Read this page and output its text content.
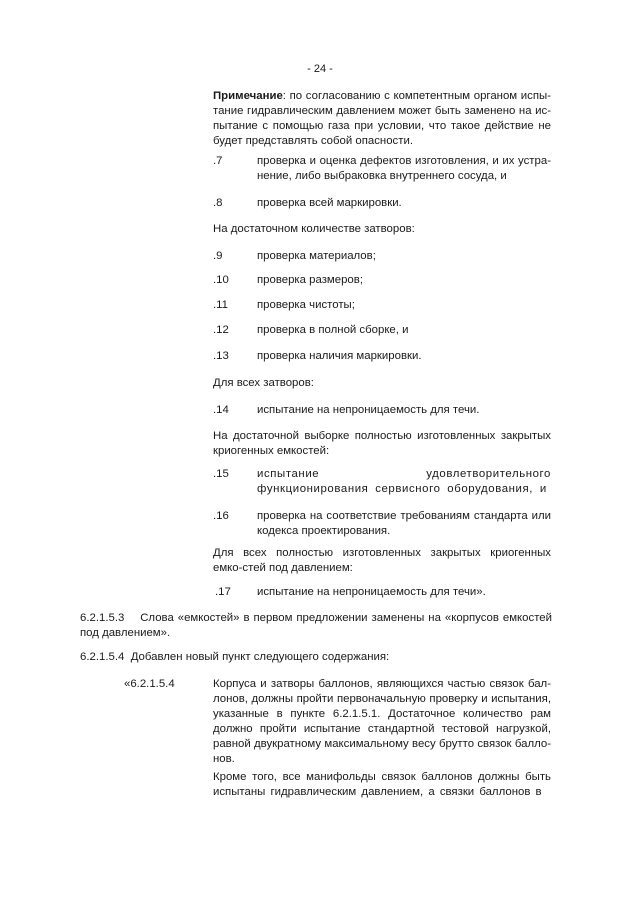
- 24 -
Примечание: по согласованию с компетентным органом испы-тание гидравлическим давлением может быть заменено на ис-пытание с помощью газа при условии, что такое действие не будет представлять собой опасности.
.7	проверка и оценка дефектов изготовления, и их устра-нение, либо выбраковка внутреннего сосуда, и
.8	проверка всей маркировки.
На достаточном количестве затворов:
.9	проверка материалов;
.10	проверка размеров;
.11	проверка чистоты;
.12	проверка в полной сборке, и
.13	проверка наличия маркировки.
Для всех затворов:
.14	испытание на непроницаемость для течи.
На достаточной выборке полностью изготовленных закрытых криогенных емкостей:
.15	испытание удовлетворительного функционирования сервисного оборудования, и
.16	проверка на соответствие требованиям стандарта или кодекса проектирования.
Для всех полностью изготовленных закрытых криогенных емко-стей под давлением:
.17	испытание на непроницаемость для течи».
6.2.1.5.3 Слова «емкостей» в первом предложении заменены на «корпусов емкостей под давлением».
6.2.1.5.4 Добавлен новый пункт следующего содержания:
«6.2.1.5.4	Корпуса и затворы баллонов, являющихся частью связок бал-лонов, должны пройти первоначальную проверку и испытания, указанные в пункте 6.2.1.5.1. Достаточное количество рам должно пройти испытание стандартной тестовой нагрузкой, равной двукратному максимальному весу брутто связок балло-нов.
Кроме того, все манифольды связок баллонов должны быть испытаны гидравлическим давлением, а связки баллонов в
